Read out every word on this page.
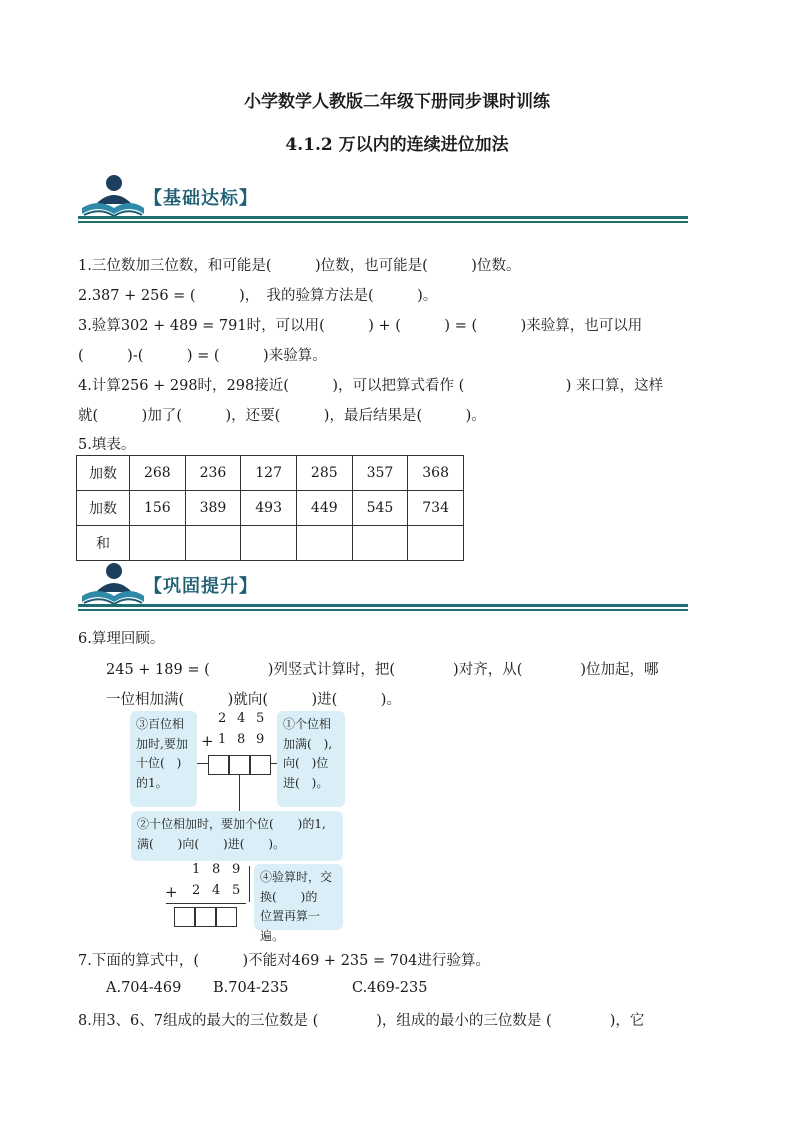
小学数学人教版二年级下册同步课时训练
4.1.2 万以内的连续进位加法
【基础达标】
1.三位数加三位数，和可能是(　　　)位数，也可能是(　　　)位数。
2.387 + 256 = (　　　)，　我的验算方法是(　　　)。
3.验算302 + 489 = 791时，可以用(　　　) + (　　　) = (　　　)来验算，也可以用
(　　　)-(　　　) = (　　　)来验算。
4.计算256 + 298时，298接近(　　　)，可以把算式看作 (　　　　　　　) 来口算，这样
就(　　　)加了(　　　)，还要(　　　)，最后结果是(　　　)。
5.填表。
加数	268	236	127	285	357	368
加数	156	389	493	449	545	734
和						
【巩固提升】
6.算理回顾。
245 + 189 = (　　　　)列竖式计算时，把(　　　　)对齐，从(　　　　)位加起，哪
一位相加满(　　　)就向(　　　)进(　　　)。
③百位相
加时,要加
十位(　)
的1。
①个位相
加满(　),
向(　)位
进(　)。
2 4 5
+ 1 8 9
②十位相加时，要加个位(　　)的1,
满(　　)向(　　)进(　　)。
1 8 9
+ 2 4 5
④验算时，交
换(　　)的
位置再算一遍。
7.下面的算式中，(　　　)不能对469 + 235 = 704进行验算。
A.704-469 B.704-235	C.469-235
8.用3、6、7组成的最大的三位数是 (　　　　)，组成的最小的三位数是 (　　　　)，它
